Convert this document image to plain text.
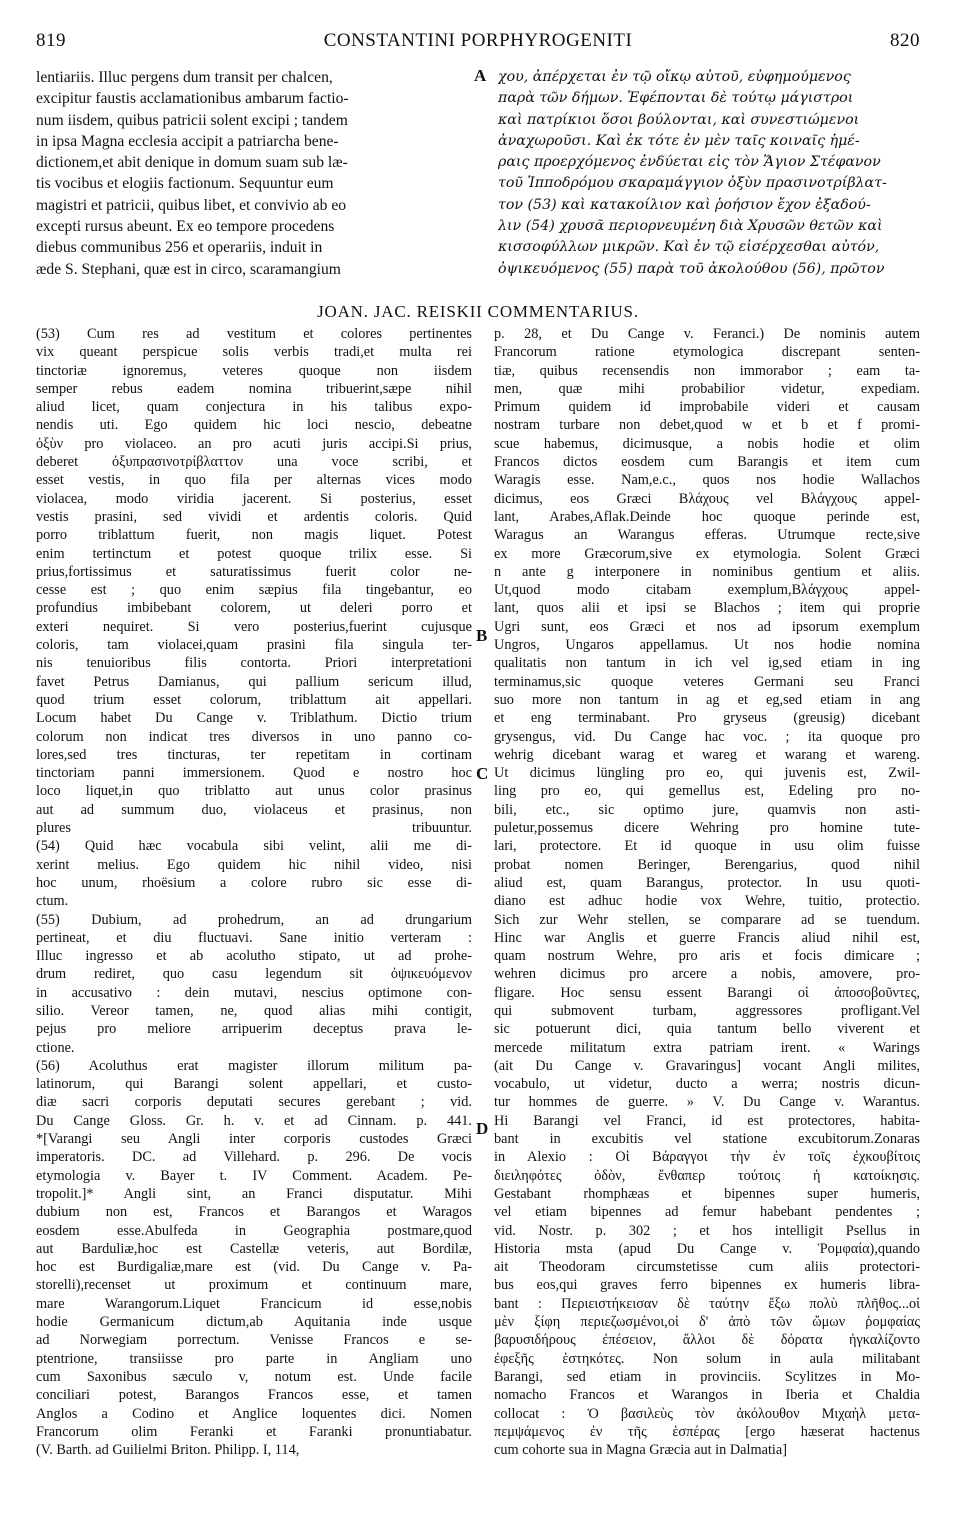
819	CONSTANTINI PORPHYROGENITI	820
lentiariis. Illuc pergens dum transit per chalcen,
excipitur faustis acclamationibus ambarum factio-
num iisdem, quibus patricii solent excipi ; tandem
in ipsa Magna ecclesia accipit a patriarcha bene-
dictionem,et abit denique in domum suam sub læ-
tis vocibus et elogiis factionum. Sequuntur eum
magistri et patricii, quibus libet, et convivio ab eo
excepti rursus abeunt. Ex eo tempore procedens
diebus communibus 256 et operariis, induit in
æde S. Stephani, quæ est in circo, scaramangium
χου, ἀπέρχεται ἐν τῷ οἴκῳ αὐτοῦ, εὐφημούμενος
παρὰ τῶν δήμων. Ἑφέπονται δὲ τούτῳ μάγιστροι
καὶ πατρίκιοι ὅσοι βούλονται, καὶ συνεστιώμενοι
ἀναχωροῦσι. Καὶ ἐκ τότε ἐν μὲν ταῖς κοιναῖς ἡμέ-
ραις προερχόμενος ἐνδύεται εἰς τὸν Ἅγιον Στέφανον
τοῦ Ἱπποδρόμου σκαραμάγγιον ὀξὺν πρασινοτρίβλατ-
τον (53) καὶ κατακοίλιον καὶ ῥοήσιον ἔχον ἐξαδού-
λιν (54) χρυσᾶ περιορνευμένη διὰ Χρυσῶν θετῶν καὶ
κισσοφύλλων μικρῶν. Καὶ ἐν τῷ εἰσέρχεσθαι αὐτόν,
ὀψικευόμενος (55) παρὰ τοῦ ἀκολούθου (56), πρῶτον
A
JOAN. JAC. REISKII COMMENTARIUS.
(53) Cum res ad vestitum et colores pertinentes
vix queant perspicue solis verbis tradi,et multa rei
tinctoriæ ignoremus, veteres quoque non iisdem
semper rebus eadem nomina tribuerint,sæpe nihil
aliud licet, quam conjectura in his talibus expo-
nendis uti. Ego quidem hic loci nescio, debeatne
ὀξὺν pro violaceo. an pro acuti juris accipi.Si prius,
deberet ὀξυπρασινοτρίβλαττον una voce scribi, et
esset vestis, in quo fila per alternas vices modo
violacea, modo viridia jacerent. Si posterius, esset
vestis prasini, sed vividi et ardentis coloris. Quid
porro triblattum fuerit, non magis liquet. Potest
enim tertinctum et potest quoque trilix esse. Si
prius,fortissimus et saturatissimus fuerit color ne-
cesse est ; quo enim sæpius fila tingebantur, eo
profundius imbibebant colorem, ut deleri porro et
exteri nequiret. Si vero posterius,fuerint cujusque
coloris, tam violacei,quam prasini fila singula ter-
nis tenuioribus filis contorta. Priori interpretationi
favet Petrus Damianus, qui pallium sericum illud,
quod trium esset colorum, triblattum ait appellari.
Locum habet Du Cange v. Triblathum. Dictio trium
colorum non indicat tres diversos in uno panno co-
lores,sed tres tincturas, ter repetitam in cortinam
tinctoriam panni immersionem. Quod e nostro hoc
loco liquet,in quo triblatto aut unus color prasinus
aut ad summum duo, violaceus et prasinus, non
plures tribuuntur.
(54) Quid hæc vocabula sibi velint, alii me di-
xerint melius. Ego quidem hic nihil video, nisi
hoc unum, rhoësium a colore rubro sic esse di-
ctum.
(55) Dubium, ad prohedrum, an ad drungarium
pertineat, et diu fluctuavi. Sane initio verteram :
Illuc ingresso et ab acolutho stipato, ut ad prohe-
drum rediret, quo casu legendum sit ὀψικευόμενον
in accusativo : dein mutavi, nescius optimone con-
silio. Vereor tamen, ne, quod alias mihi contigit,
pejus pro meliore arripuerim deceptus prava le-
ctione.
(56) Acoluthus erat magister illorum militum pa-
latinorum, qui Barangi solent appellari, et custo-
diæ sacri corporis deputati secures gerebant ; vid.
Du Cange Gloss. Gr. h. v. et ad Cinnam. p. 441.
*[Varangi seu Angli inter corporis custodes Græci
imperatoris. DC. ad Villehard. p. 296. De vocis
etymologia v. Bayer t. IV Comment. Academ. Pe-
tropolit.]* Angli sint, an Franci disputatur. Mihi
dubium non est, Francos et Barangos et Waragos
eosdem esse.Abulfeda in Geographia postmare,quod
aut Barduliæ,hoc est Castellæ veteris, aut Bordilæ,
hoc est Burdigaliæ,mare est (vid. Du Cange v. Pa-
storelli),recenset ut proximum et continuum mare,
mare Warangorum.Liquet Francicum id esse,nobis
hodie Germanicum dictum,ab Aquitania inde usque
ad Norwegiam porrectum. Venisse Francos e se-
ptentrione, transiisse pro parte in Angliam uno
cum Saxonibus sæculo v, notum est. Unde facile
conciliari potest, Barangos Francos esse, et tamen
Anglos a Codino et Anglice loquentes dici. Nomen
Francorum olim Feranki et Faranki pronuntiabatur.
(V. Barth. ad Guilielmi Briton. Philipp. I, 114,
p. 28, et Du Cange v. Feranci.) De nominis autem
Francorum ratione etymologica discrepant senten-
tiæ, quibus recensendis non immorabor ; eam ta-
men, quæ mihi probabilior videtur, expediam.
Primum quidem id improbabile videri et causam
nostram turbare non debet,quod w et b et f promi-
scue habemus, dicimusque, a nobis hodie et olim
Francos dictos eosdem cum Barangis et item cum
Waragis esse. Nam,e.c., quos nos hodie Wallachos
dicimus, eos Græci Βλάχους vel Βλάγχους appel-
lant, Arabes,Aflak.Deinde hoc quoque perinde est,
Waragus an Warangus efferas. Utrumque recte,sive
ex more Græcorum,sive ex etymologia. Solent Græci
n ante g interponere in nominibus gentium et aliis.
Ut,quod modo citabam exemplum,Βλάγχους appel-
lant, quos alii et ipsi se Blachos ; item qui proprie
Ugri sunt, eos Græci et nos ad ipsorum exemplum
Ungros, Ungaros appellamus. Ut nos hodie nomina
qualitatis non tantum in ich vel ig,sed etiam in ing
terminamus,sic quoque veteres Germani seu Franci
suo more non tantum in ag et eg,sed etiam in ang
et eng terminabant. Pro gryseus (greusig) dicebant
grysengus, vid. Du Cange hac voc. ; ita quoque pro
wehrig dicebant warag et wareg et warang et wareng.
Ut dicimus lüngling pro eo, qui juvenis est, Zwil-
ling pro eo, qui gemellus est, Edeling pro no-
bili, etc., sic optimo jure, quamvis non asti-
puletur,possemus dicere Wehring pro homine tute-
lari, protectore. Et id quoque in usu olim fuisse
probat nomen Beringer, Berengarius, quod nihil
aliud est, quam Barangus, protector. In usu quoti-
diano est adhuc hodie vox Wehre, tuitio, protectio.
Sich zur Wehr stellen, se comparare ad se tuendum.
Hinc war Anglis et guerre Francis aliud nihil est,
quam nostrum Wehre, pro aris et focis dimicare ;
wehren dicimus pro arcere a nobis, amovere, pro-
fligare. Hoc sensu essent Barangi οἱ ἀποσοβοῦντες,
qui submovent turbam, aggressores profligant.Vel
sic potuerunt dici, quia tantum bello viverent et
mercede militatum extra patriam irent. « Warings
(ait Du Cange v. Gravaringus] vocant Angli milites,
vocabulo, ut videtur, ducto a werra; nostris dicun-
tur hommes de guerre. » V. Du Cange v. Warantus.
Hi Barangi vel Franci, id est protectores, habita-
bant in excubitis vel statione excubitorum.Zonaras
in Alexio : Οἱ Βάραγγοι τὴν ἐν τοῖς ἐχκουβίτοις
διειληφότες ὁδὸν, ἔνθαπερ τούτοις ἡ κατοίκησις.
Gestabant rhomphæas et bipennes super humeris,
vel etiam bipennes ad femur habebant pendentes ;
vid. Nostr. p. 302 ; et hos intelligit Psellus in
Historia msta (apud Du Cange v. Ῥομφαία),quando
ait Theodoram circumstetisse cum aliis protectori-
bus eos,qui graves ferro bipennes ex humeris libra-
bant : Περιειστήκεισαν δὲ ταύτην ἔξω πολὺ πλῆθος...οἱ
μὲν ξίφη περιεζωσμένοι,οἱ δ' ἀπὸ τῶν ὤμων ῥομφαίας
βαρυσιδήρους ἐπέσειον, ἄλλοι δὲ δόρατα ἠγκαλίζοντο
ἐφεξῆς ἑστηκότες. Non solum in aula militabant
Barangi, sed etiam in provinciis. Scylitzes in Mo-
nomacho Francos et Warangos in Iberia et Chaldia
collocat : Ὁ βασιλεὺς τὸν ἀκόλουθον Μιχαὴλ μετα-
πεμψάμενος ἐν τῆς ἑσπέρας [ergo hæserat hactenus
cum cohorte sua in Magna Græcia aut in Dalmatia]
B
C
D
